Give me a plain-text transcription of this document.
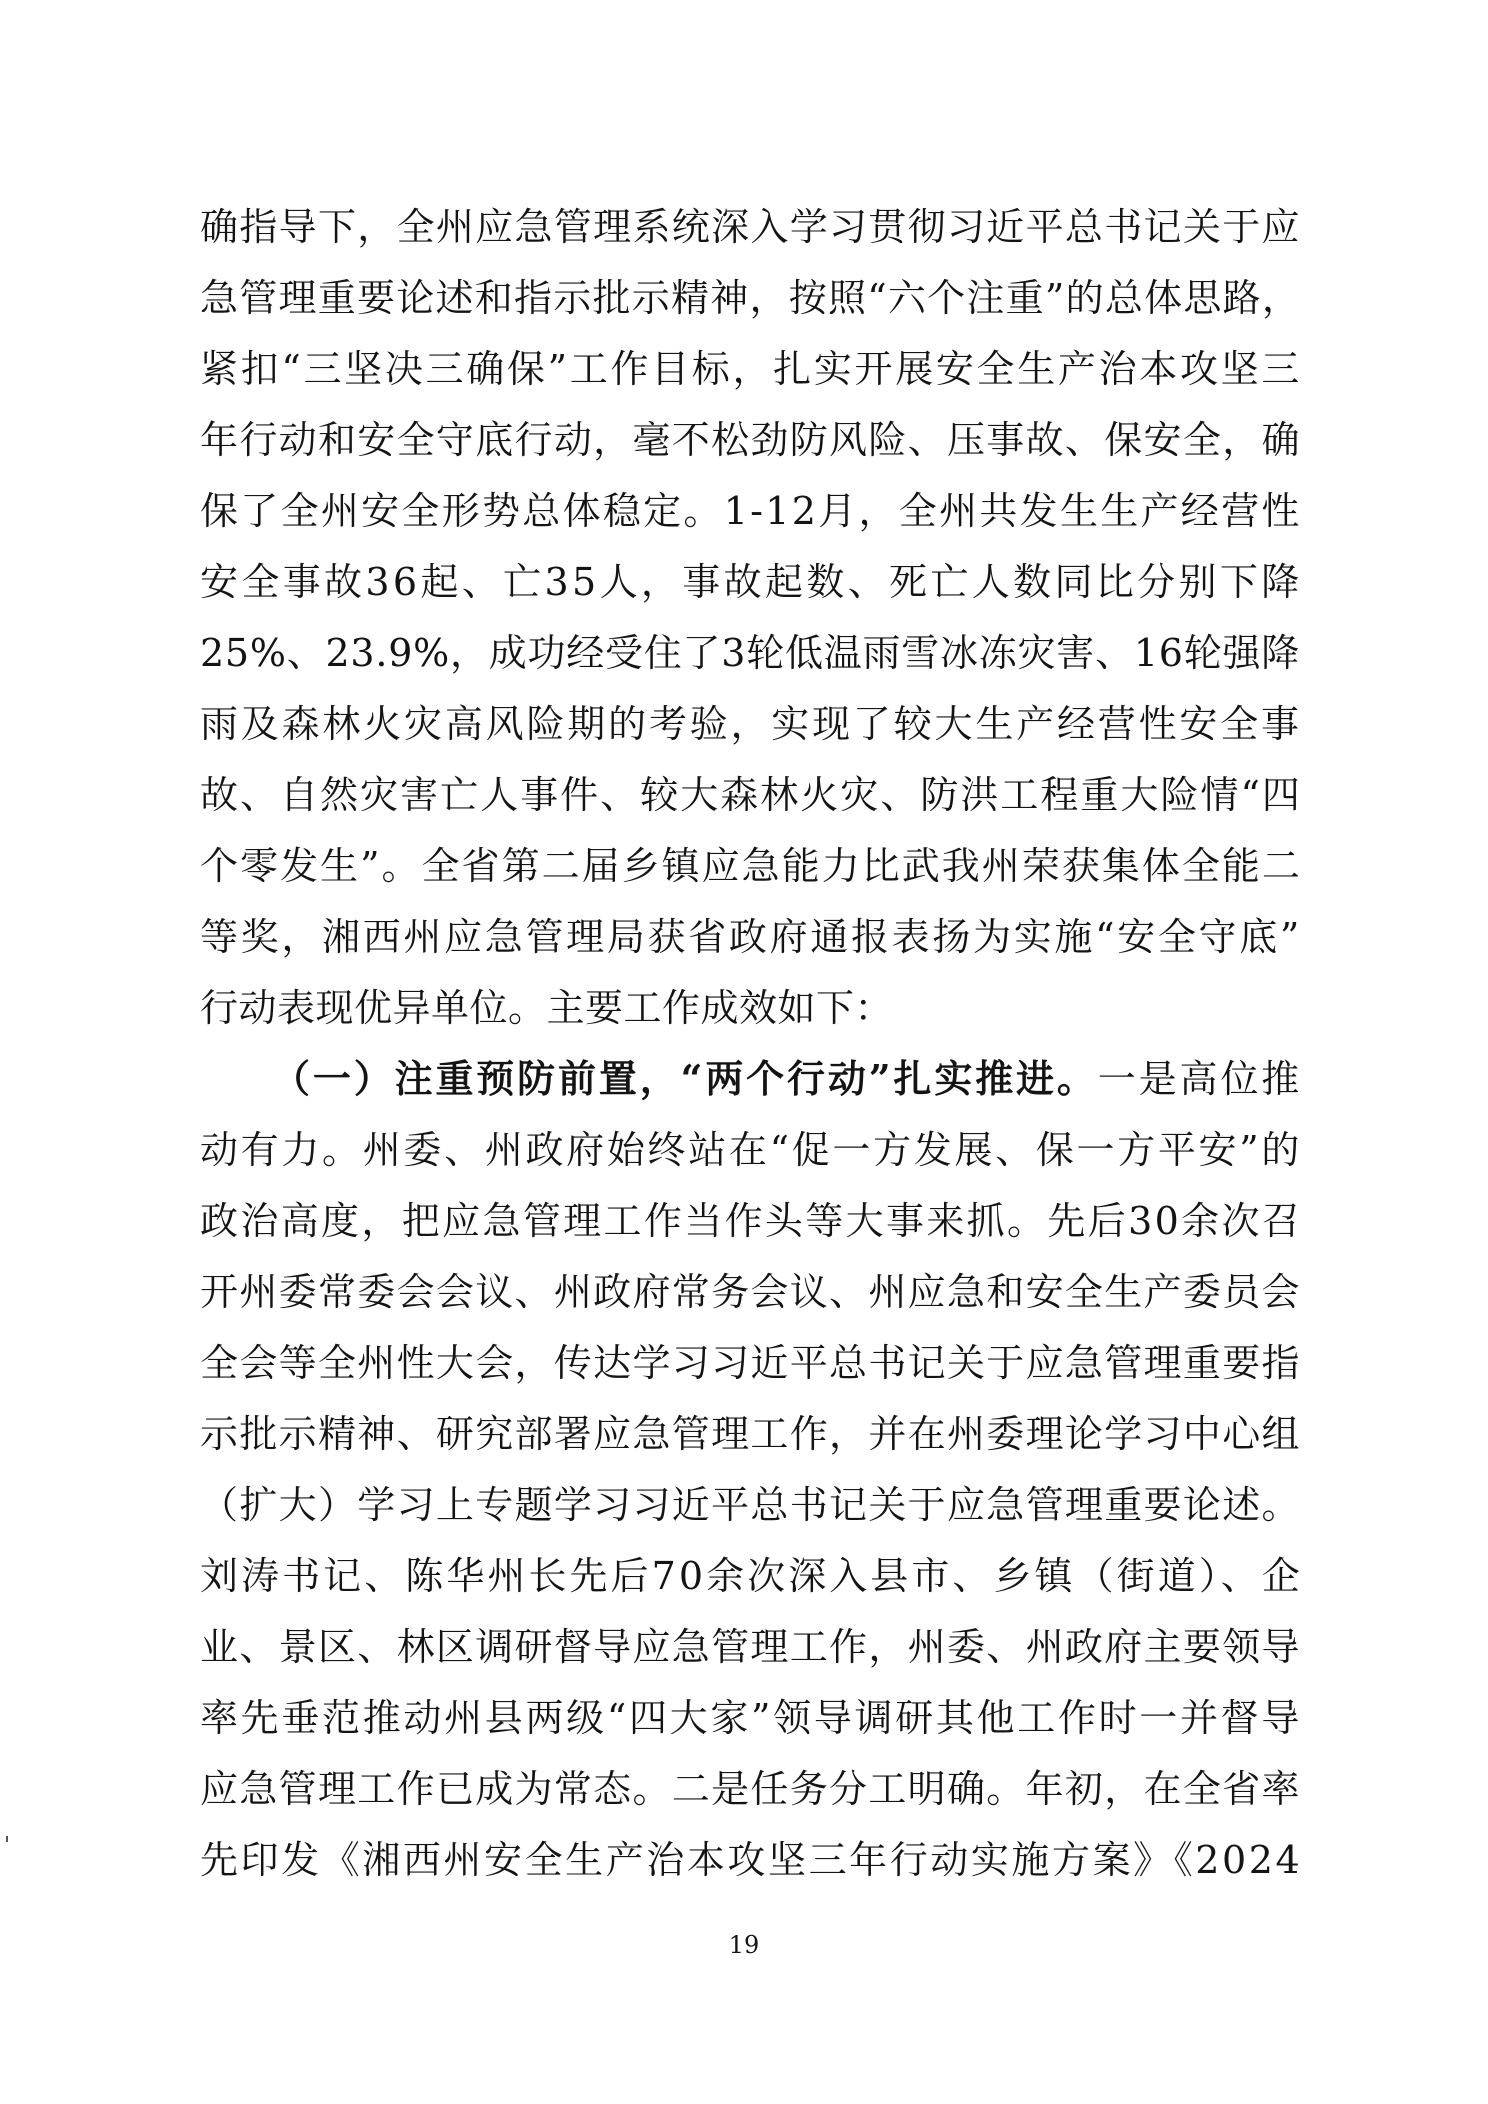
确指导下，全州应急管理系统深入学习贯彻习近平总书记关于应
急管理重要论述和指示批示精神，按照“六个注重”的总体思路，
紧扣“三坚决三确保”工作目标，扎实开展安全生产治本攻坚三
年行动和安全守底行动，毫不松劲防风险、压事故、保安全，确
保了全州安全形势总体稳定。1-12月，全州共发生生产经营性
安全事故36起、亡35人，事故起数、死亡人数同比分别下降
25%、23.9%，成功经受住了3轮低温雨雪冰冻灾害、16轮强降
雨及森林火灾高风险期的考验，实现了较大生产经营性安全事
故、自然灾害亡人事件、较大森林火灾、防洪工程重大险情“四
个零发生”。全省第二届乡镇应急能力比武我州荣获集体全能二
等奖，湘西州应急管理局获省政府通报表扬为实施“安全守底”
行动表现优异单位。主要工作成效如下：
（一）注重预防前置，“两个行动”扎实推进。一是高位推
动有力。州委、州政府始终站在“促一方发展、保一方平安”的
政治高度，把应急管理工作当作头等大事来抓。先后30余次召
开州委常委会会议、州政府常务会议、州应急和安全生产委员会
全会等全州性大会，传达学习习近平总书记关于应急管理重要指
示批示精神、研究部署应急管理工作，并在州委理论学习中心组
（扩大）学习上专题学习习近平总书记关于应急管理重要论述。
刘涛书记、陈华州长先后70余次深入县市、乡镇（街道）、企
业、景区、林区调研督导应急管理工作，州委、州政府主要领导
率先垂范推动州县两级“四大家”领导调研其他工作时一并督导
应急管理工作已成为常态。二是任务分工明确。年初，在全省率
先印发《湘西州安全生产治本攻坚三年行动实施方案》《2024
19
